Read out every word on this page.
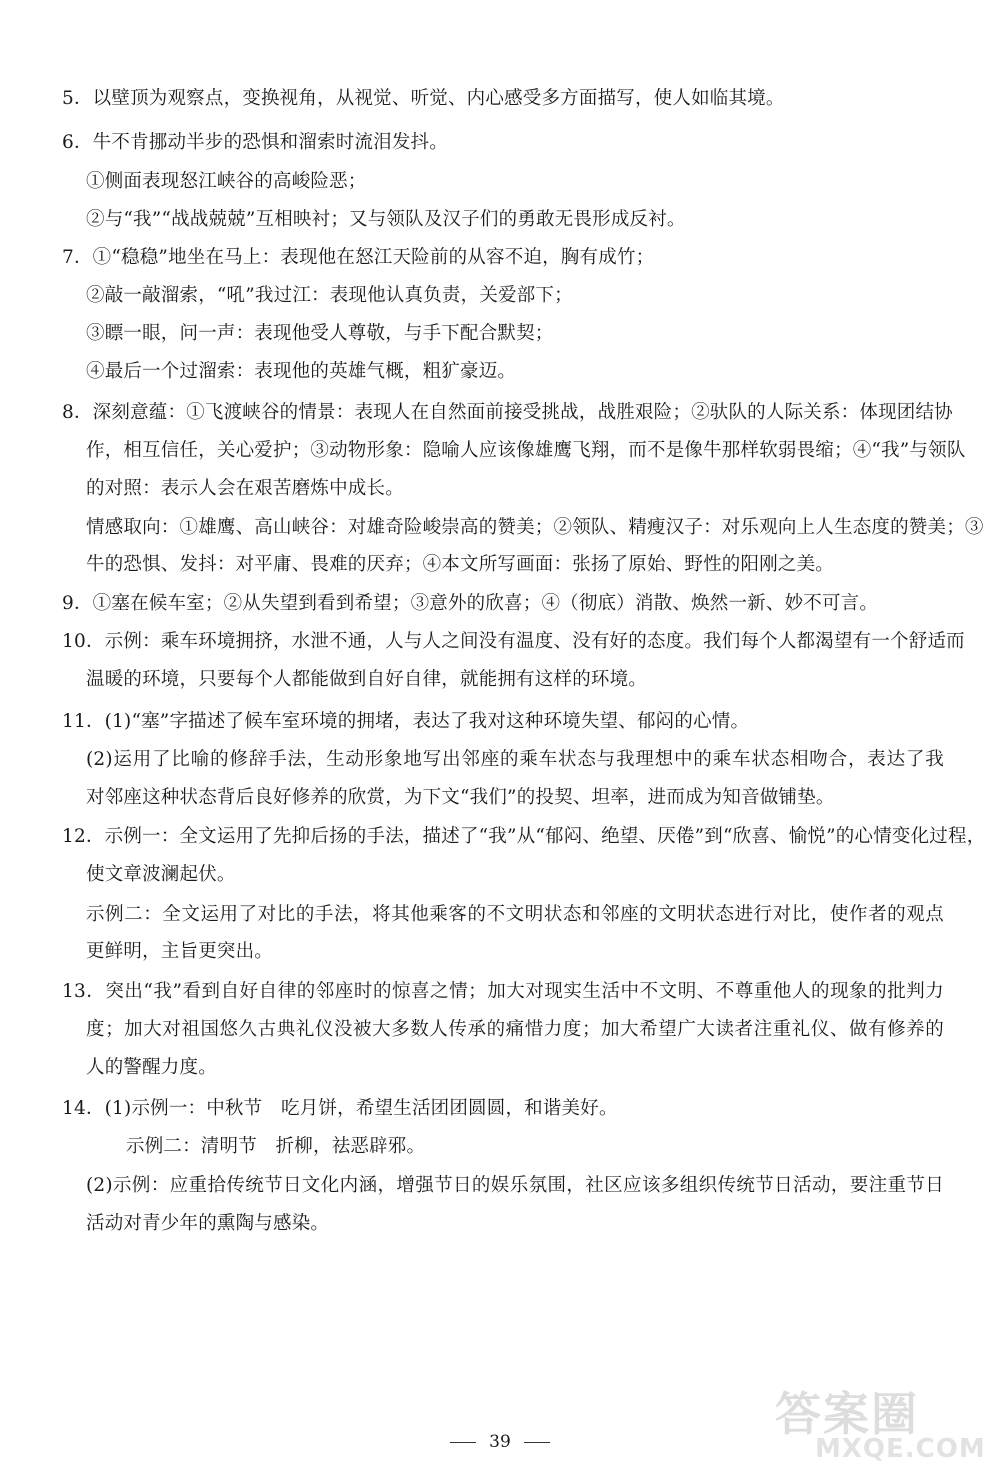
5．以壁顶为观察点，变换视角，从视觉、听觉、内心感受多方面描写，使人如临其境。
6．牛不肯挪动半步的恐惧和溜索时流泪发抖。
①侧面表现怒江峡谷的高峻险恶；
②与“我”“战战兢兢”互相映衬；又与领队及汉子们的勇敢无畏形成反衬。
7．①“稳稳”地坐在马上：表现他在怒江天险前的从容不迫，胸有成竹；
②敲一敲溜索，“吼”我过江：表现他认真负责，关爱部下；
③瞟一眼，问一声：表现他受人尊敬，与手下配合默契；
④最后一个过溜索：表现他的英雄气概，粗犷豪迈。
8．深刻意蕴：①飞渡峡谷的情景：表现人在自然面前接受挑战，战胜艰险；②驮队的人际关系：体现团结协
作，相互信任，关心爱护；③动物形象：隐喻人应该像雄鹰飞翔，而不是像牛那样软弱畏缩；④“我”与领队
的对照：表示人会在艰苦磨炼中成长。
情感取向：①雄鹰、高山峡谷：对雄奇险峻崇高的赞美；②领队、精瘦汉子：对乐观向上人生态度的赞美；③
牛的恐惧、发抖：对平庸、畏难的厌弃；④本文所写画面：张扬了原始、野性的阳刚之美。
9．①塞在候车室；②从失望到看到希望；③意外的欣喜；④（彻底）消散、焕然一新、妙不可言。
10．示例：乘车环境拥挤，水泄不通，人与人之间没有温度、没有好的态度。我们每个人都渴望有一个舒适而
温暖的环境，只要每个人都能做到自好自律，就能拥有这样的环境。
11．(1)“塞”字描述了候车室环境的拥堵，表达了我对这种环境失望、郁闷的心情。
(2)运用了比喻的修辞手法，生动形象地写出邻座的乘车状态与我理想中的乘车状态相吻合，表达了我
对邻座这种状态背后良好修养的欣赏，为下文“我们”的投契、坦率，进而成为知音做铺垫。
12．示例一：全文运用了先抑后扬的手法，描述了“我”从“郁闷、绝望、厌倦”到“欣喜、愉悦”的心情变化过程，
使文章波澜起伏。
示例二：全文运用了对比的手法，将其他乘客的不文明状态和邻座的文明状态进行对比，使作者的观点
更鲜明，主旨更突出。
13．突出“我”看到自好自律的邻座时的惊喜之情；加大对现实生活中不文明、不尊重他人的现象的批判力
度；加大对祖国悠久古典礼仪没被大多数人传承的痛惜力度；加大希望广大读者注重礼仪、做有修养的
人的警醒力度。
14．(1)示例一：中秋节　吃月饼，希望生活团团圆圆，和谐美好。
示例二：清明节　折柳，祛恶辟邪。
(2)示例：应重拾传统节日文化内涵，增强节日的娱乐氛围，社区应该多组织传统节日活动，要注重节日
活动对青少年的熏陶与感染。
39
答案圈
MXQE.COM
